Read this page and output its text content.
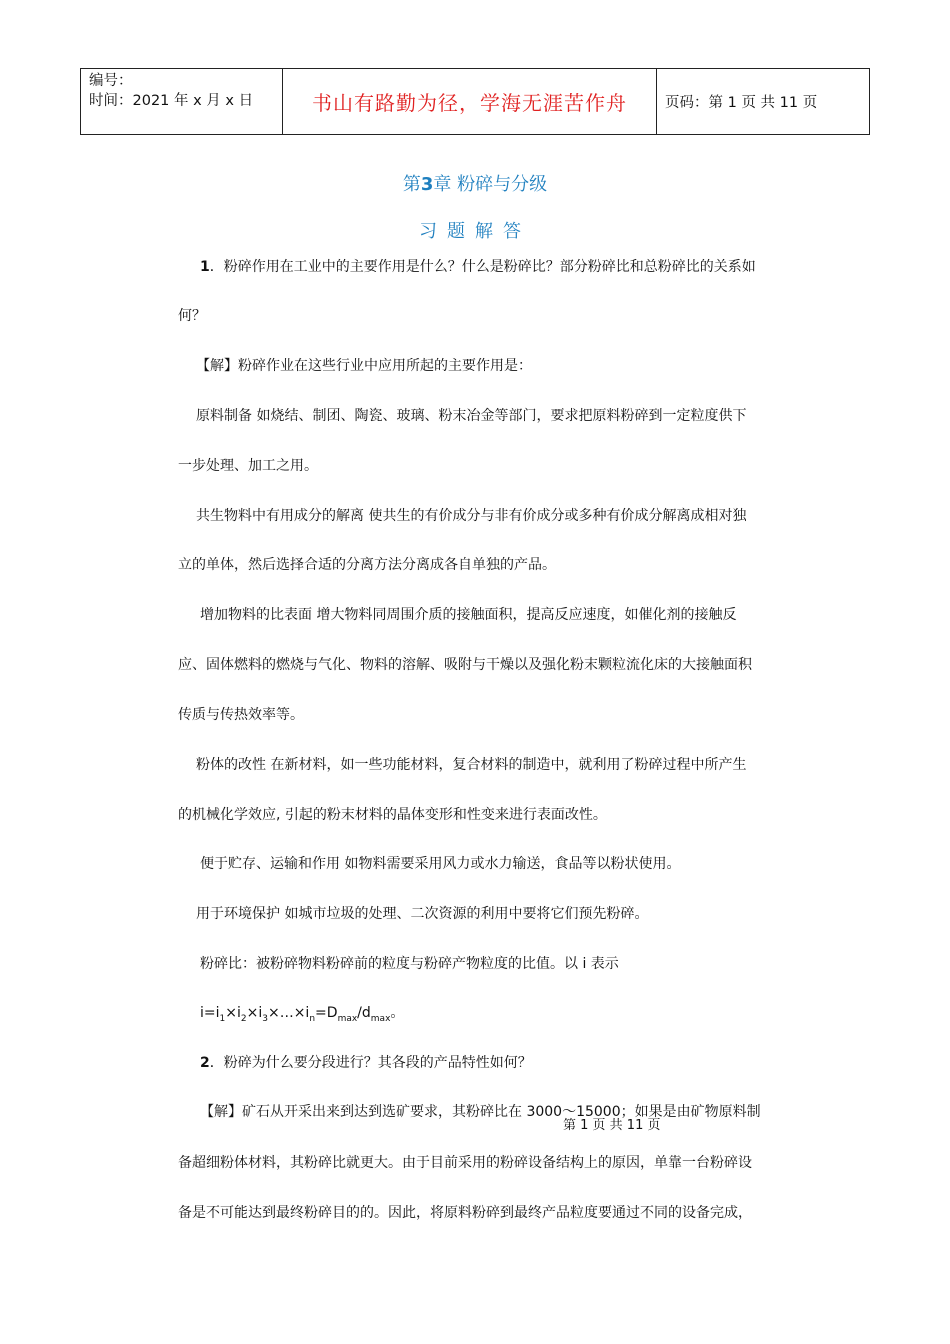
编号：
时间：2021 年 x 月 x 日	书山有路勤为径，学海无涯苦作舟	页码：第 1 页 共 11 页
第3章 粉碎与分级
习题解答
1．粉碎作用在工业中的主要作用是什么？什么是粉碎比？部分粉碎比和总粉碎比的关系如
何？
【解】粉碎作业在这些行业中应用所起的主要作用是：
原料制备 如烧结、制团、陶瓷、玻璃、粉末冶金等部门，要求把原料粉碎到一定粒度供下
一步处理、加工之用。
共生物料中有用成分的解离 使共生的有价成分与非有价成分或多种有价成分解离成相对独
立的单体，然后选择合适的分离方法分离成各自单独的产品。
增加物料的比表面 增大物料同周围介质的接触面积，提高反应速度，如催化剂的接触反
应、固体燃料的燃烧与气化、物料的溶解、吸附与干燥以及强化粉末颗粒流化床的大接触面积
传质与传热效率等。
粉体的改性 在新材料，如一些功能材料，复合材料的制造中，就利用了粉碎过程中所产生
的机械化学效应, 引起的粉末材料的晶体变形和性变来进行表面改性。
便于贮存、运输和作用 如物料需要采用风力或水力输送，食品等以粉状使用。
用于环境保护 如城市垃圾的处理、二次资源的利用中要将它们预先粉碎。
粉碎比：被粉碎物料粉碎前的粒度与粉碎产物粒度的比值。以 i 表示
$i=i_1\times i_2\times i_3\times\dots\times i_n=D_{max}/d_{max}$。
2．粉碎为什么要分段进行？其各段的产品特性如何？
【解】矿石从开采出来到达到选矿要求，其粉碎比在 3000～15000；如果是由矿物原料制
第 1 页 共 11 页
备超细粉体材料，其粉碎比就更大。由于目前采用的粉碎设备结构上的原因，单靠一台粉碎设
备是不可能达到最终粉碎目的的。因此，将原料粉碎到最终产品粒度要通过不同的设备完成，
